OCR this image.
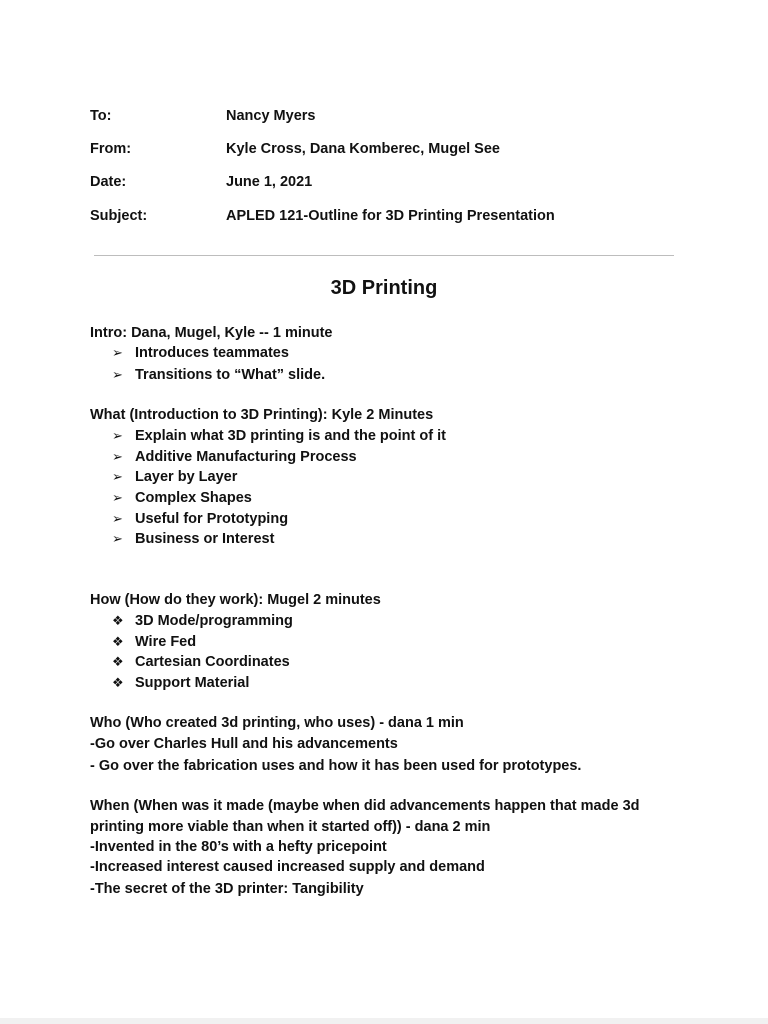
To:	Nancy Myers
From:	Kyle Cross, Dana Komberec, Mugel See
Date:	June 1, 2021
Subject:	APLED 121-Outline for 3D Printing Presentation
3D Printing
Intro: Dana, Mugel, Kyle -- 1 minute
➢ Introduces teammates
➢ Transitions to “What” slide.
What (Introduction to 3D Printing): Kyle 2 Minutes
➢ Explain what 3D printing is and the point of it
➢ Additive Manufacturing Process
➢ Layer by Layer
➢ Complex Shapes
➢ Useful for Prototyping
➢ Business or Interest
How (How do they work): Mugel 2 minutes
❖ 3D Mode/programming
❖ Wire Fed
❖ Cartesian Coordinates
❖ Support Material
Who (Who created 3d printing, who uses) - dana 1 min
-Go over Charles Hull and his advancements
- Go over the fabrication uses and how it has been used for prototypes.
When (When was it made (maybe when did advancements happen that made 3d
printing more viable than when it started off)) - dana 2 min
-Invented in the 80’s with a hefty pricepoint
-Increased interest caused increased supply and demand
-The secret of the 3D printer: Tangibility
